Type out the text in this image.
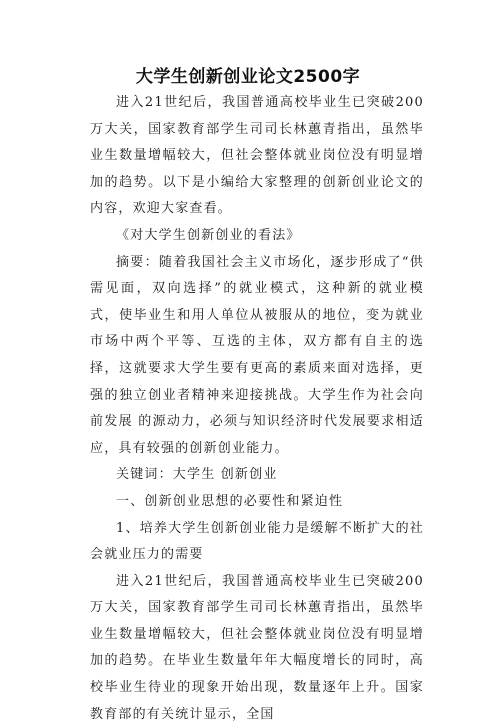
大学生创新创业论文2500字

进入21世纪后，我国普通高校毕业生已突破200万大关，国家教育部学生司司长林蕙青指出，虽然毕业生数量增幅较大，但社会整体就业岗位没有明显增加的趋势。以下是小编给大家整理的创新创业论文的内容，欢迎大家查看。

《对大学生创新创业的看法》

摘要：随着我国社会主义市场化，逐步形成了“供需见面，双向选择”的就业模式，这种新的就业模式，使毕业生和用人单位从被服从的地位，变为就业市场中两个平等、互选的主体，双方都有自主的选择，这就要求大学生要有更高的素质来面对选择，更强的独立创业者精神来迎接挑战。大学生作为社会向前发展 的源动力，必须与知识经济时代发展要求相适应，具有较强的创新创业能力。

关键词：大学生 创新创业

一、创新创业思想的必要性和紧迫性

1、培养大学生创新创业能力是缓解不断扩大的社会就业压力的需要

进入21世纪后，我国普通高校毕业生已突破200万大关，国家教育部学生司司长林蕙青指出，虽然毕业生数量增幅较大，但社会整体就业岗位没有明显增加的趋势。在毕业生数量年年大幅度增长的同时，高校毕业生待业的现象开始出现，数量逐年上升。国家教育部的有关统计显示，全国
